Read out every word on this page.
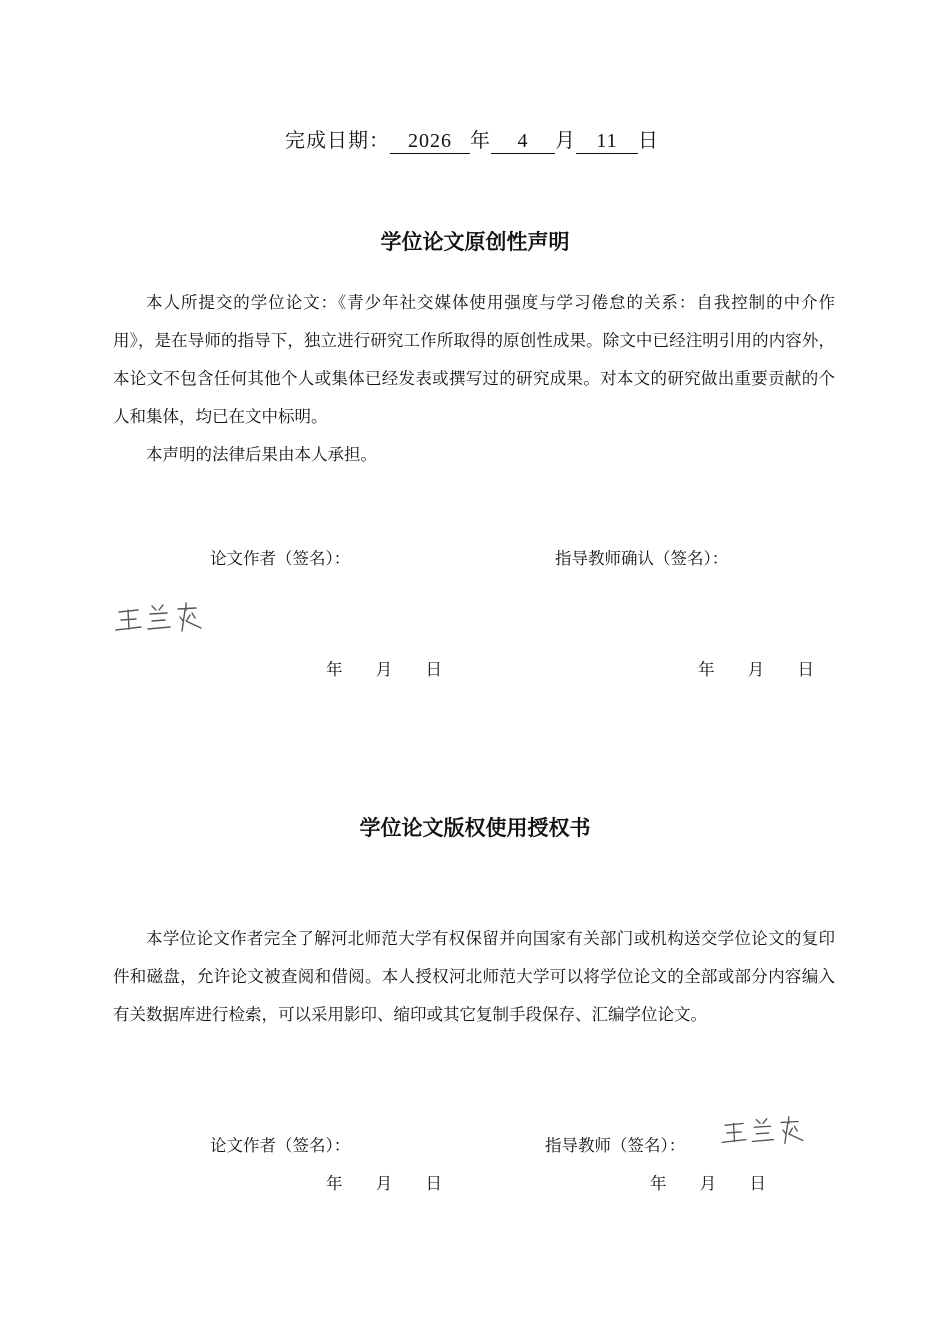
完成日期： 2026 年 4 月 11 日
学位论文原创性声明

本人所提交的学位论文：《青少年社交媒体使用强度与学习倦怠的关系：自我控制的中介作用》，是在导师的指导下，独立进行研究工作所取得的原创性成果。除文中已经注明引用的内容外，本论文不包含任何其他个人或集体已经发表或撰写过的研究成果。对本文的研究做出重要贡献的个人和集体，均已在文中标明。

本声明的法律后果由本人承担。

论文作者（签名）：	指导教师确认（签名）：
年 月 日	年 月 日
学位论文版权使用授权书

本学位论文作者完全了解河北师范大学有权保留并向国家有关部门或机构送交学位论文的复印件和磁盘，允许论文被查阅和借阅。本人授权河北师范大学可以将学位论文的全部或部分内容编入有关数据库进行检索，可以采用影印、缩印或其它复制手段保存、汇编学位论文。

论文作者（签名）：	指导教师（签名）：
年 月 日	年 月 日
